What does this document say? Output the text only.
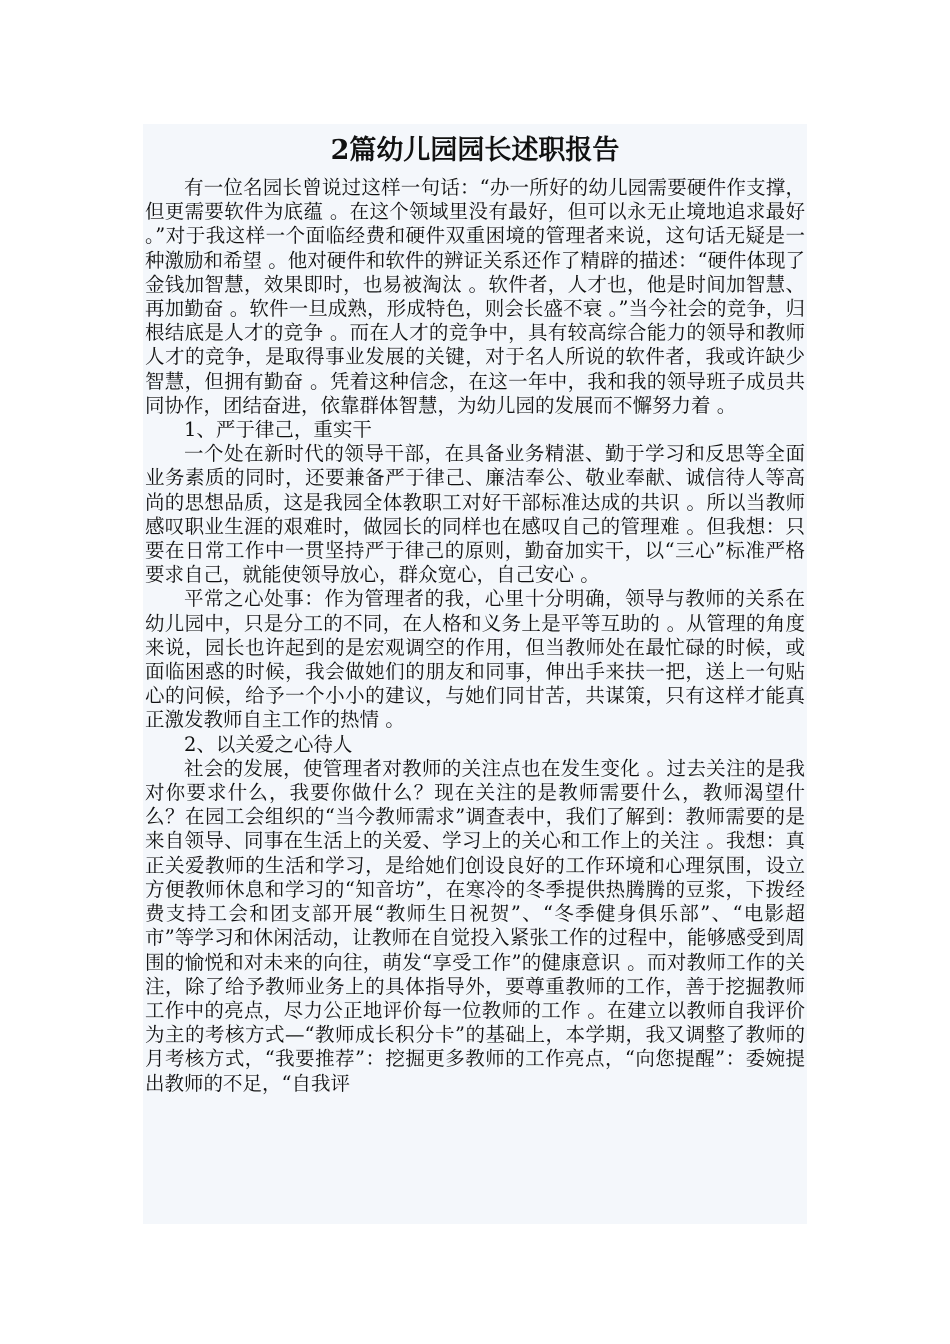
2篇幼儿园园长述职报告

有一位名园长曾说过这样一句话：“办一所好的幼儿园需要硬件作支撑，但更需要软件为底蕴 。在这个领域里没有最好，但可以永无止境地追求最好 。”对于我这样一个面临经费和硬件双重困境的管理者来说，这句话无疑是一种激励和希望 。他对硬件和软件的辨证关系还作了精辟的描述：“硬件体现了金钱加智慧，效果即时，也易被淘汰 。软件者，人才也，他是时间加智慧、再加勤奋 。软件一旦成熟，形成特色，则会长盛不衰 。”当今社会的竞争，归根结底是人才的竞争 。而在人才的竞争中，具有较高综合能力的领导和教师人才的竞争，是取得事业发展的关键，对于名人所说的软件者，我或许缺少智慧，但拥有勤奋 。凭着这种信念，在这一年中，我和我的领导班子成员共同协作，团结奋进，依靠群体智慧，为幼儿园的发展而不懈努力着 。

1、严于律己，重实干

一个处在新时代的领导干部，在具备业务精湛、勤于学习和反思等全面业务素质的同时，还要兼备严于律己、廉洁奉公、敬业奉献、诚信待人等高尚的思想品质，这是我园全体教职工对好干部标准达成的共识 。所以当教师感叹职业生涯的艰难时，做园长的同样也在感叹自己的管理难 。但我想：只要在日常工作中一贯坚持严于律己的原则，勤奋加实干，以“三心”标准严格要求自己，就能使领导放心，群众宽心，自己安心 。

平常之心处事：作为管理者的我，心里十分明确，领导与教师的关系在幼儿园中，只是分工的不同，在人格和义务上是平等互助的 。从管理的角度来说，园长也许起到的是宏观调空的作用，但当教师处在最忙碌的时候，或面临困惑的时候，我会做她们的朋友和同事，伸出手来扶一把，送上一句贴心的问候，给予一个小小的建议，与她们同甘苦，共谋策，只有这样才能真正激发教师自主工作的热情 。

2、以关爱之心待人

社会的发展，使管理者对教师的关注点也在发生变化 。过去关注的是我对你要求什么，我要你做什么？现在关注的是教师需要什么，教师渴望什么？在园工会组织的“当今教师需求”调查表中，我们了解到：教师需要的是来自领导、同事在生活上的关爱、学习上的关心和工作上的关注 。我想：真正关爱教师的生活和学习，是给她们创设良好的工作环境和心理氛围，设立方便教师休息和学习的“知音坊”，在寒冷的冬季提供热腾腾的豆浆，下拨经费支持工会和团支部开展“教师生日祝贺”、“冬季健身俱乐部”、“电影超市”等学习和休闲活动，让教师在自觉投入紧张工作的过程中，能够感受到周围的愉悦和对未来的向往，萌发“享受工作”的健康意识 。而对教师工作的关注，除了给予教师业务上的具体指导外，要尊重教师的工作，善于挖掘教师工作中的亮点，尽力公正地评价每一位教师的工作 。在建立以教师自我评价为主的考核方式—“教师成长积分卡”的基础上，本学期，我又调整了教师的月考核方式，“我要推荐”：挖掘更多教师的工作亮点，“向您提醒”：委婉提出教师的不足，“自我评
